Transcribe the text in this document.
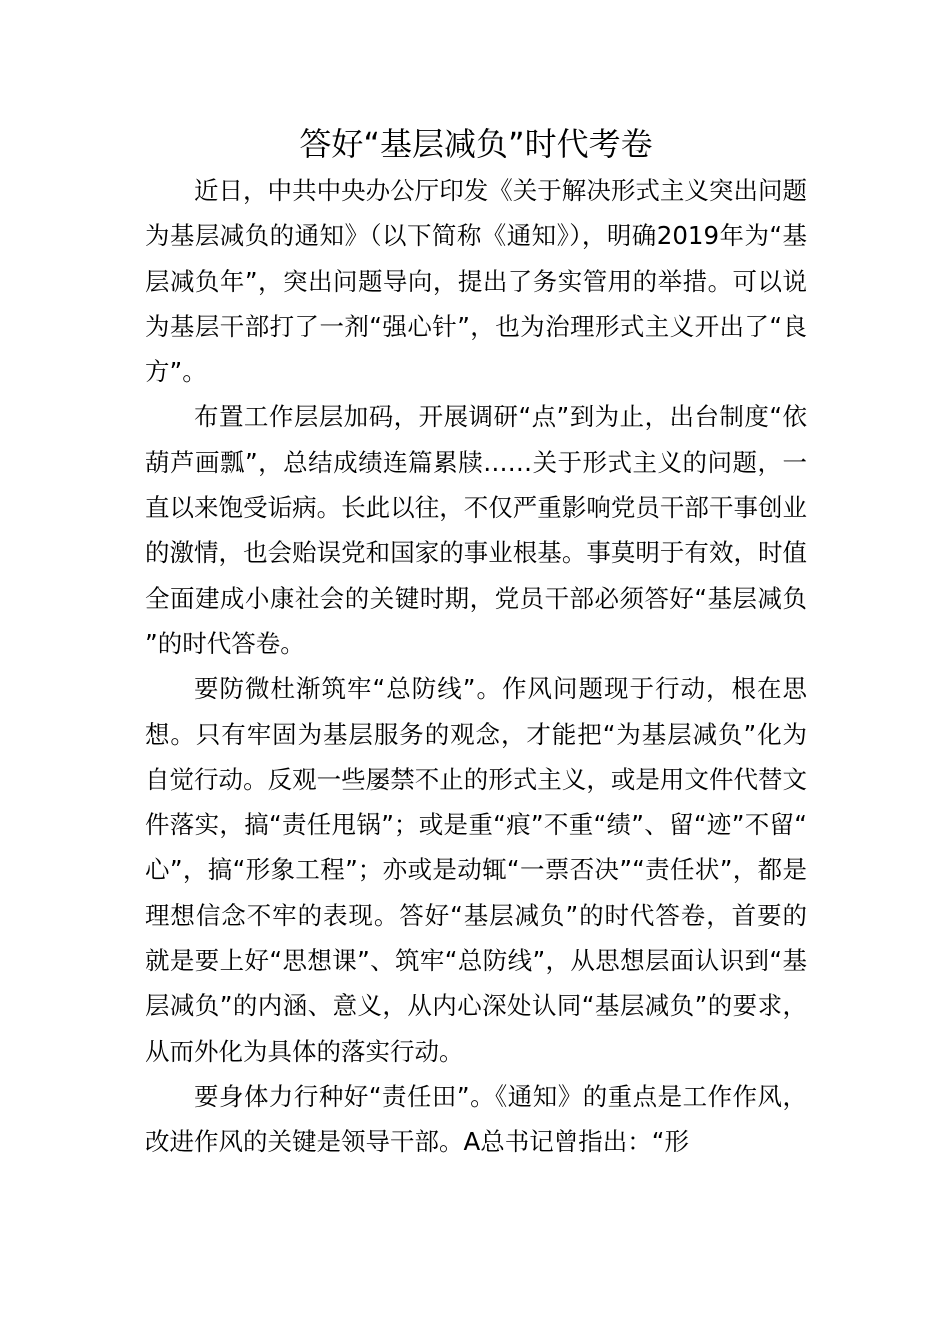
答好“基层减负”时代考卷

近日，中共中央办公厅印发《关于解决形式主义突出问题为基层减负的通知》（以下简称《通知》），明确2019年为“基层减负年”，突出问题导向，提出了务实管用的举措。可以说为基层干部打了一剂“强心针”，也为治理形式主义开出了“良方”。

布置工作层层加码，开展调研“点”到为止，出台制度“依葫芦画瓢”，总结成绩连篇累牍……关于形式主义的问题，一直以来饱受诟病。长此以往，不仅严重影响党员干部干事创业的激情，也会贻误党和国家的事业根基。事莫明于有效，时值全面建成小康社会的关键时期，党员干部必须答好“基层减负”的时代答卷。

要防微杜渐筑牢“总防线”。作风问题现于行动，根在思想。只有牢固为基层服务的观念，才能把“为基层减负”化为自觉行动。反观一些屡禁不止的形式主义，或是用文件代替文件落实，搞“责任甩锅”；或是重“痕”不重“绩”、留“迹”不留“心”，搞“形象工程”；亦或是动辄“一票否决”“责任状”，都是理想信念不牢的表现。答好“基层减负”的时代答卷，首要的就是要上好“思想课”、筑牢“总防线”，从思想层面认识到“基层减负”的内涵、意义，从内心深处认同“基层减负”的要求，从而外化为具体的落实行动。

要身体力行种好“责任田”。《通知》的重点是工作作风，改进作风的关键是领导干部。A总书记曾指出：“形
